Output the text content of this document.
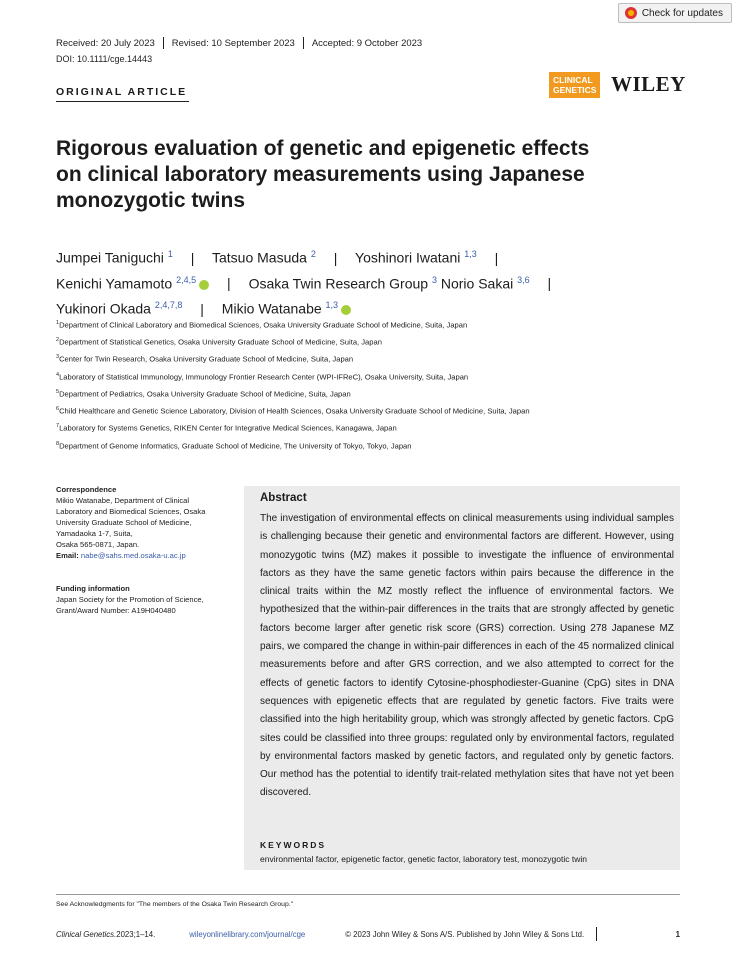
Check for updates
Received: 20 July 2023 Revised: 10 September 2023 Accepted: 9 October 2023
DOI: 10.1111/cge.14443
ORIGINAL ARTICLE
CLINICAL
GENETICS WILEY
Rigorous evaluation of genetic and epigenetic effects on clinical laboratory measurements using Japanese monozygotic twins
Jumpei Taniguchi $^1$ | Tatsuo Masuda $^2$ | Yoshinori Iwatani $^{1,3}$ |
Kenichi Yamamoto $^{2,4,5}$ | Osaka Twin Research Group $^3$ Norio Sakai $^{3,6}$ |
Yukinori Okada $^{2,4,7,8}$ | Mikio Watanabe $^{1,3}$
$^1$Department of Clinical Laboratory and Biomedical Sciences, Osaka University Graduate School of Medicine, Suita, Japan
$^2$Department of Statistical Genetics, Osaka University Graduate School of Medicine, Suita, Japan
$^3$Center for Twin Research, Osaka University Graduate School of Medicine, Suita, Japan
$^4$Laboratory of Statistical Immunology, Immunology Frontier Research Center (WPI-IFReC), Osaka University, Suita, Japan
$^5$Department of Pediatrics, Osaka University Graduate School of Medicine, Suita, Japan
$^6$Child Healthcare and Genetic Science Laboratory, Division of Health Sciences, Osaka University Graduate School of Medicine, Suita, Japan
$^7$Laboratory for Systems Genetics, RIKEN Center for Integrative Medical Sciences, Kanagawa, Japan
$^8$Department of Genome Informatics, Graduate School of Medicine, The University of Tokyo, Tokyo, Japan
Correspondence
Mikio Watanabe, Department of Clinical
Laboratory and Biomedical Sciences, Osaka
University Graduate School of Medicine,
Yamadaoka 1-7, Suita,
Osaka 565-0871, Japan.
Email: nabe@sahs.med.osaka-u.ac.jp
Funding information
Japan Society for the Promotion of Science,
Grant/Award Number: A19H040480
Abstract
The investigation of environmental effects on clinical measurements using individual samples is challenging because their genetic and environmental factors are different. However, using monozygotic twins (MZ) makes it possible to investigate the influence of environmental factors as they have the same genetic factors within pairs because the difference in the clinical traits within the MZ mostly reflect the influence of environmental factors. We hypothesized that the within-pair differences in the traits that are strongly affected by genetic factors become larger after genetic risk score (GRS) correction. Using 278 Japanese MZ pairs, we compared the change in within-pair differences in each of the 45 normalized clinical measurements before and after GRS correction, and we also attempted to correct for the effects of genetic factors to identify Cytosine-phosphodiester-Guanine (CpG) sites in DNA sequences with epigenetic effects that are regulated by genetic factors. Five traits were classified into the high heritability group, which was strongly affected by genetic factors. CpG sites could be classified into three groups: regulated only by environmental factors, regulated by environmental factors masked by genetic factors, and regulated only by genetic factors. Our method has the potential to identify trait-related methylation sites that have not yet been discovered.
KEYWORDS
environmental factor, epigenetic factor, genetic factor, laboratory test, monozygotic twin
See Acknowledgments for "The members of the Osaka Twin Research Group."
Clinical Genetics. 2023;1–14.	wileyonlinelibrary.com/journal/cge	© 2023 John Wiley & Sons A/S. Published by John Wiley & Sons Ltd.	1
